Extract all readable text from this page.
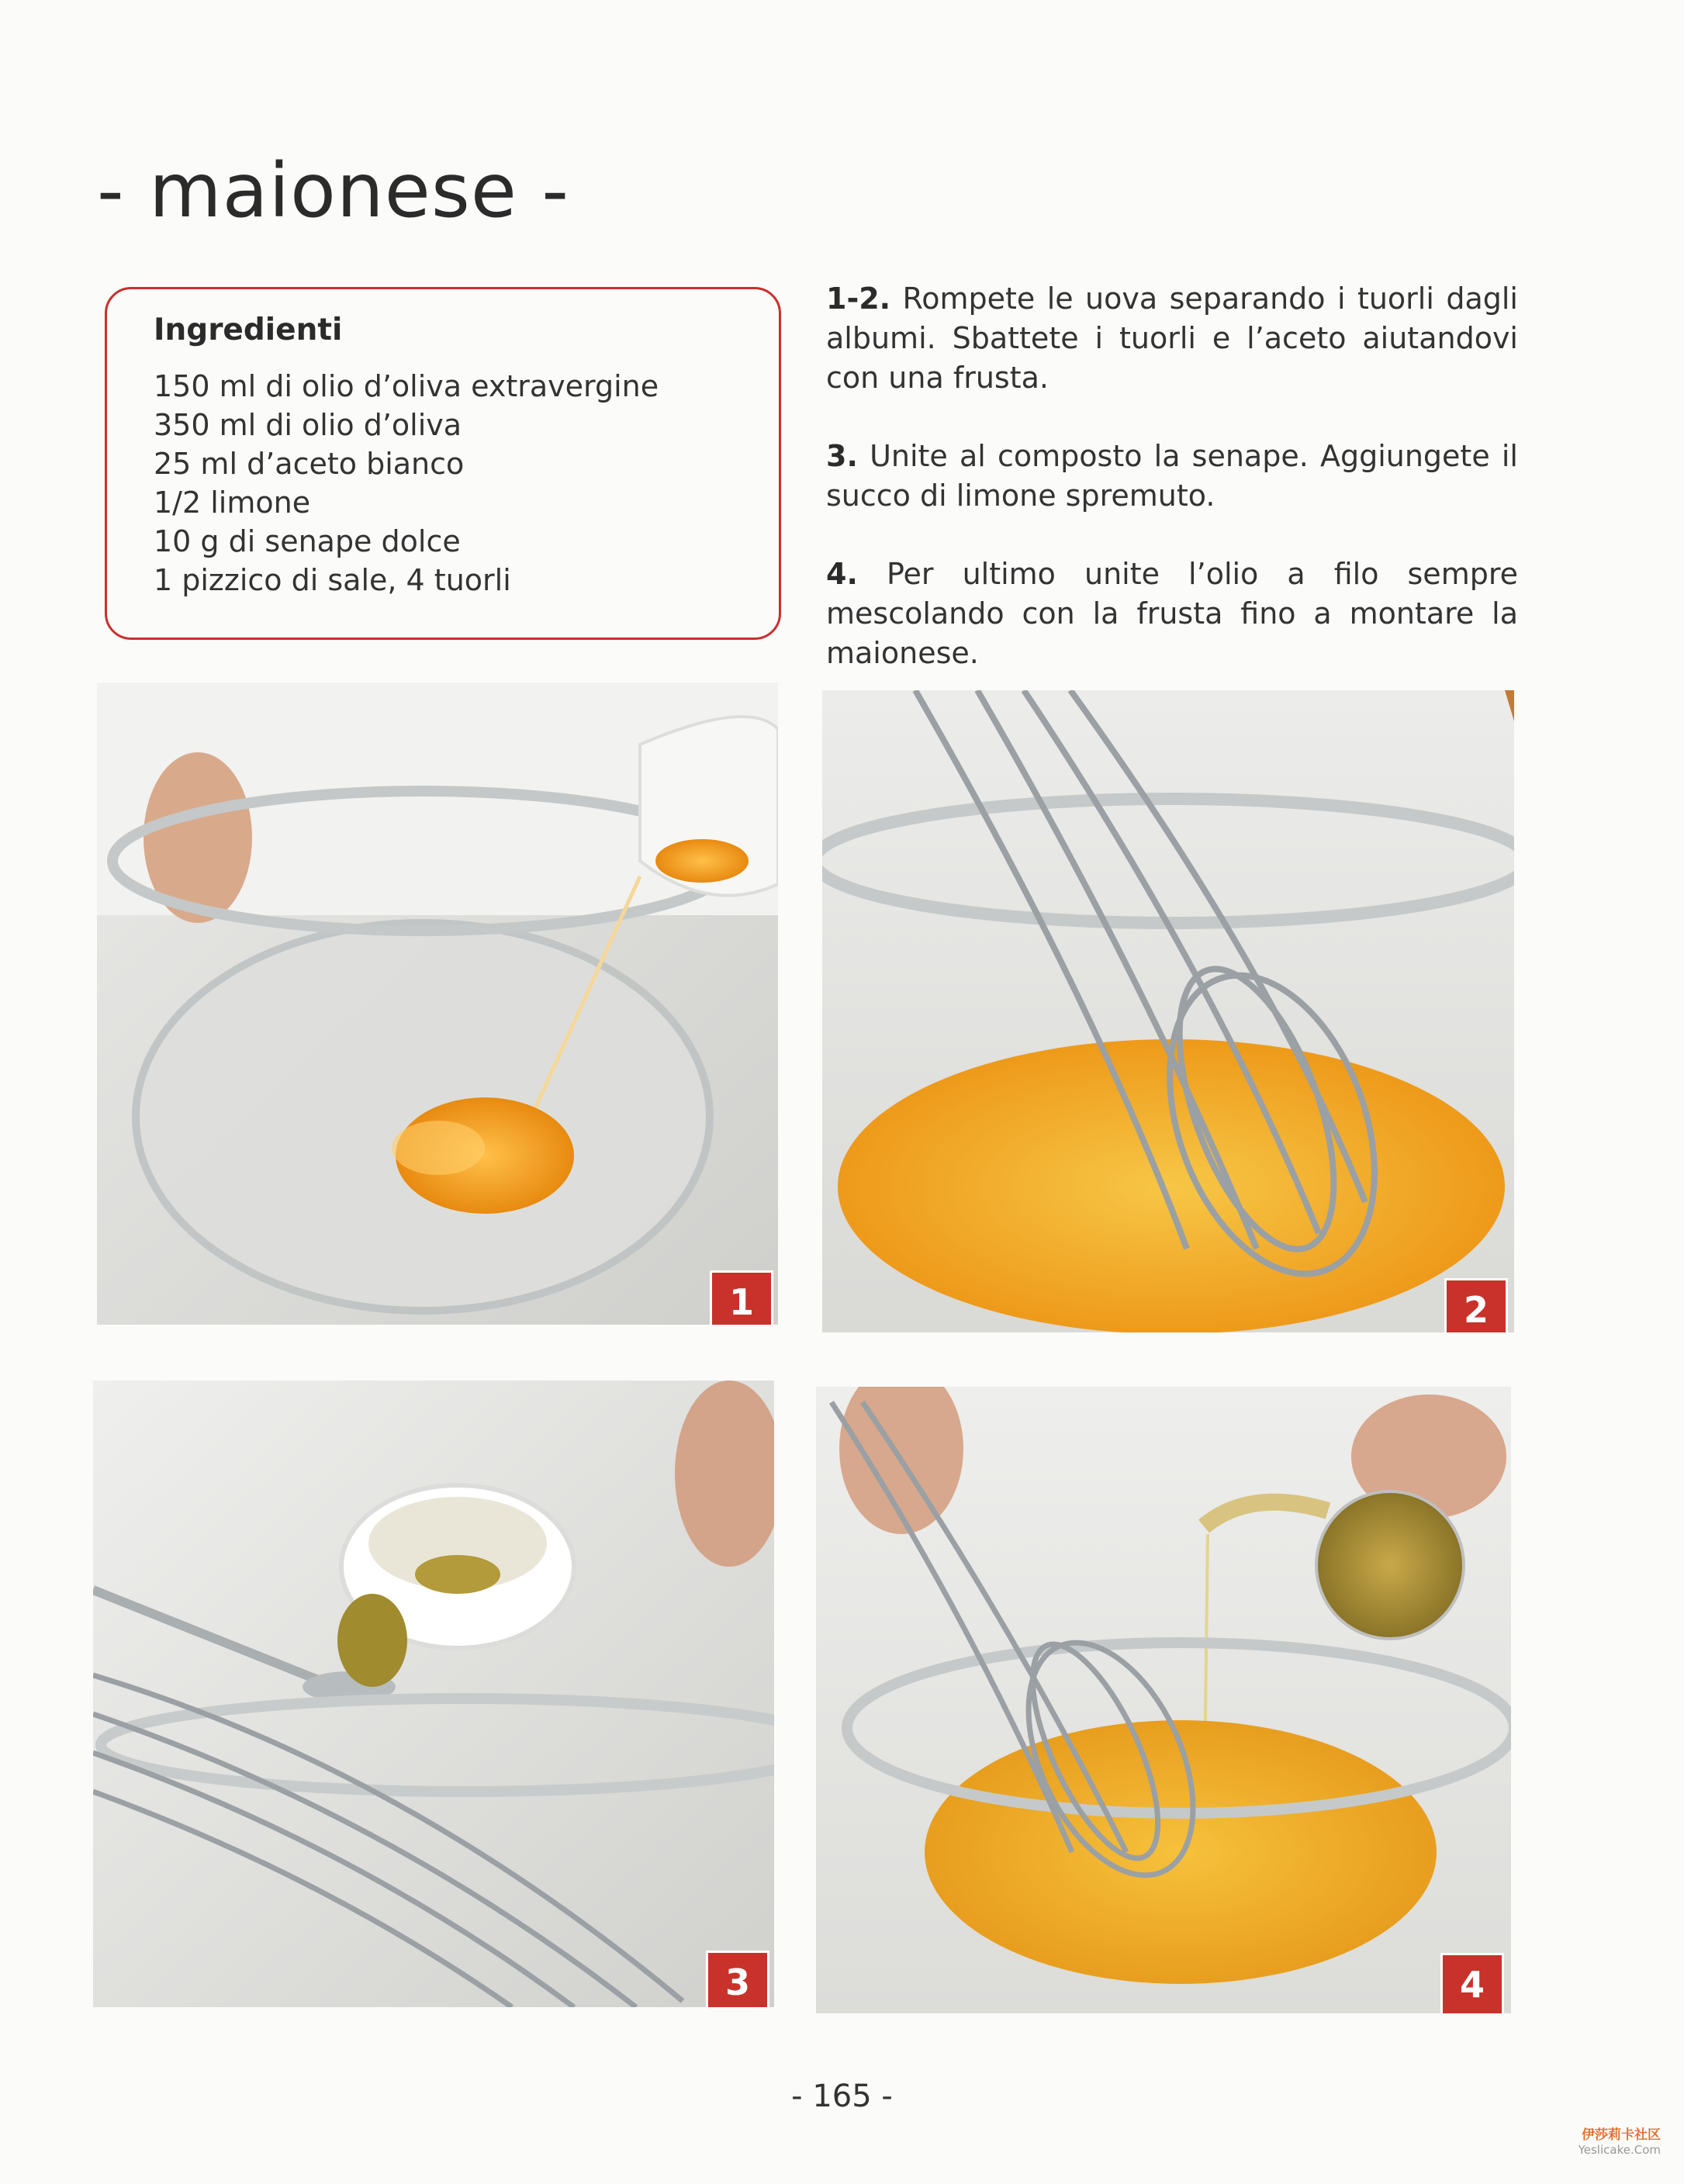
- maionese -
Ingredienti
150 ml di olio d’oliva extravergine
350 ml di olio d’oliva
25 ml d’aceto bianco
1/2 limone
10 g di senape dolce
1 pizzico di sale, 4 tuorli

1-2. Rompete le uova separando i tuorli dagli albumi. Sbattete i tuorli e l’aceto aiutandovi con una frusta.

3. Unite al composto la senape. Aggiungete il succo di limone spremuto.

4. Per ultimo unite l’olio a filo sempre mescolando con la frusta fino a montare la maionese.

1	2
3	4
- 165 -
伊莎莉卡社区
Yeslicake.Com
